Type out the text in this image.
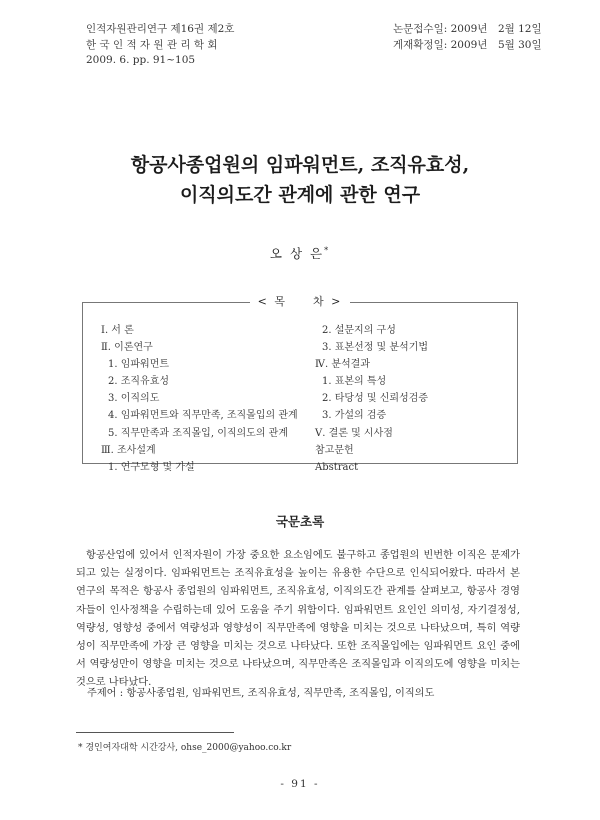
인적자원관리연구 제16권 제2호
한 국 인 적 자 원 관 리 학 회
2009. 6. pp. 91~105
논문접수일: 2009년　2월 12일
게재확정일: 2009년　5월 30일
항공사종업원의 임파워먼트, 조직유효성,
이직의도간 관계에 관한 연구
오 상 은*
< 목　　차 >
Ⅰ. 서 론
Ⅱ. 이론연구
1. 임파워먼트
2. 조직유효성
3. 이직의도
4. 임파워먼트와 직무만족, 조직몰입의 관계
5. 직무만족과 조직몰입, 이직의도의 관계
Ⅲ. 조사설계
1. 연구모형 및 가설
2. 설문지의 구성
3. 표본선정 및 분석기법
Ⅳ. 분석결과
1. 표본의 특성
2. 타당성 및 신뢰성검증
3. 가설의 검증
Ⅴ. 결론 및 시사점
참고문헌
Abstract
국문초록
항공산업에 있어서 인적자원이 가장 중요한 요소임에도 불구하고 종업원의 빈번한 이직은 문제가 되고 있는 실정이다. 임파워먼트는 조직유효성을 높이는 유용한 수단으로 인식되어왔다. 따라서 본 연구의 목적은 항공사 종업원의 임파워먼트, 조직유효성, 이직의도간 관계를 살펴보고, 항공사 경영자들이 인사정책을 수립하는데 있어 도움을 주기 위함이다. 임파워먼트 요인인 의미성, 자기결정성, 역량성, 영향성 중에서 역량성과 영향성이 직무만족에 영향을 미치는 것으로 나타났으며, 특히 역량성이 직무만족에 가장 큰 영향을 미치는 것으로 나타났다. 또한 조직몰입에는 임파워먼트 요인 중에서 역량성만이 영향을 미치는 것으로 나타났으며, 직무만족은 조직몰입과 이직의도에 영향을 미치는 것으로 나타났다.
주제어 : 항공사종업원, 임파워먼트, 조직유효성, 직무만족, 조직몰입, 이직의도
* 경인여자대학 시간강사, ohse_2000@yahoo.co.kr
- 91 -
